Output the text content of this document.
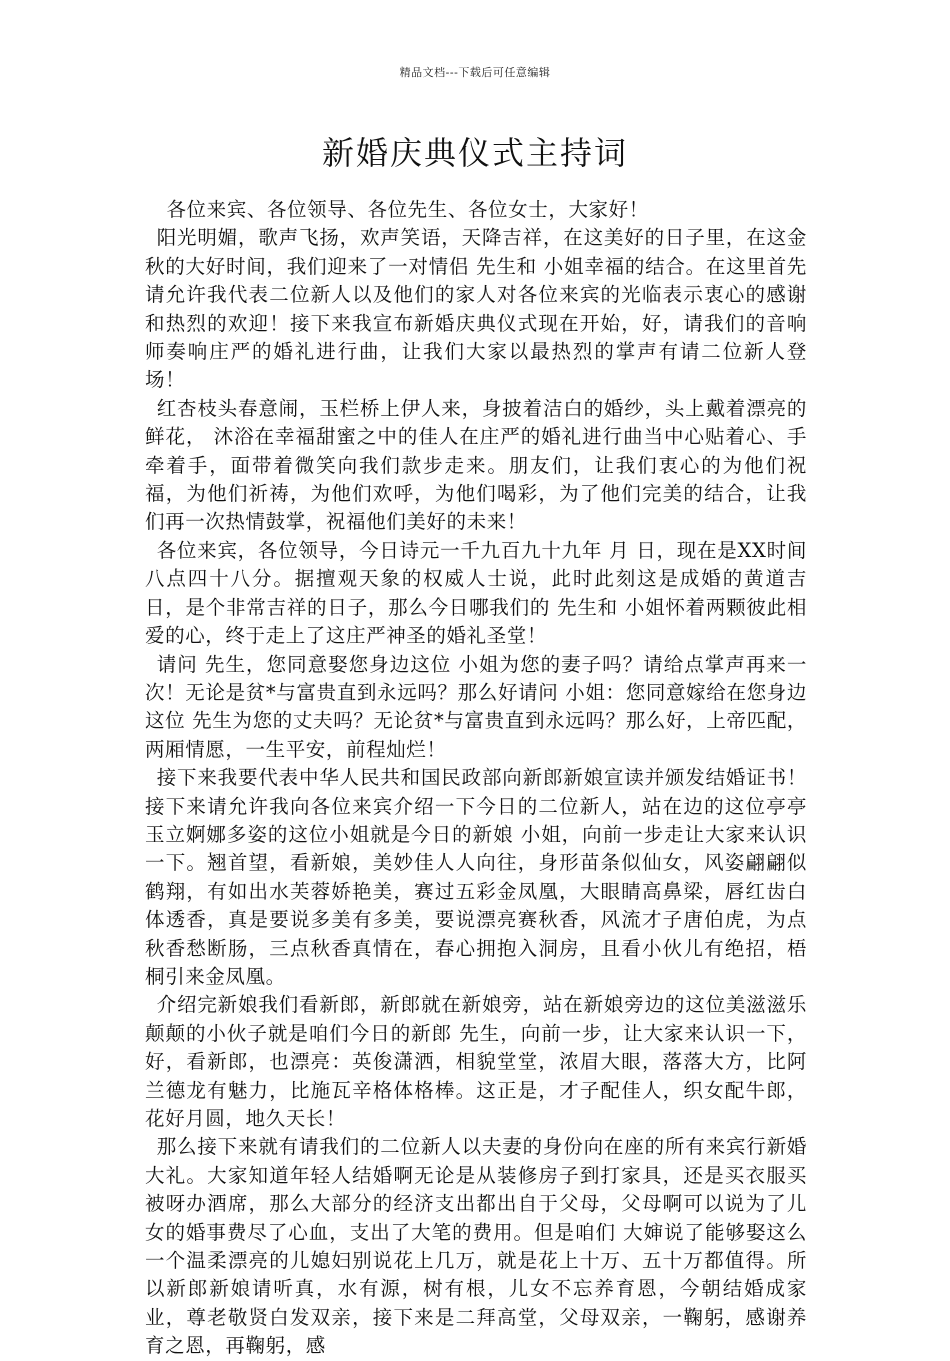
精品文档---下载后可任意编辑
新婚庆典仪式主持词

各位来宾、各位领导、各位先生、各位女士，大家好！

阳光明媚，歌声飞扬，欢声笑语，天降吉祥，在这美好的日子里，在这金秋的大好时间，我们迎来了一对情侣 先生和 小姐幸福的结合。在这里首先请允许我代表二位新人以及他们的家人对各位来宾的光临表示衷心的感谢和热烈的欢迎！接下来我宣布新婚庆典仪式现在开始，好，请我们的音响师奏响庄严的婚礼进行曲，让我们大家以最热烈的掌声有请二位新人登场！

红杏枝头春意闹，玉栏桥上伊人来，身披着洁白的婚纱，头上戴着漂亮的鲜花， 沐浴在幸福甜蜜之中的佳人在庄严的婚礼进行曲当中心贴着心、手牵着手，面带着微笑向我们款步走来。朋友们，让我们衷心的为他们祝福，为他们祈祷，为他们欢呼，为他们喝彩，为了他们完美的结合，让我们再一次热情鼓掌，祝福他们美好的未来！

各位来宾，各位领导，今日诗元一千九百九十九年 月 日，现在是XX时间八点四十八分。据擅观天象的权威人士说，此时此刻这是成婚的黄道吉日，是个非常吉祥的日子，那么今日哪我们的 先生和 小姐怀着两颗彼此相爱的心，终于走上了这庄严神圣的婚礼圣堂！

请问 先生，您同意娶您身边这位 小姐为您的妻子吗？请给点掌声再来一次！无论是贫*与富贵直到永远吗？那么好请问 小姐：您同意嫁给在您身边这位 先生为您的丈夫吗？无论贫*与富贵直到永远吗？那么好，上帝匹配，两厢情愿，一生平安，前程灿烂！

接下来我要代表中华人民共和国民政部向新郎新娘宣读并颁发结婚证书！接下来请允许我向各位来宾介绍一下今日的二位新人，站在边的这位亭亭玉立婀娜多姿的这位小姐就是今日的新娘 小姐，向前一步走让大家来认识一下。翘首望，看新娘，美妙佳人人向往，身形苗条似仙女，风姿翩翩似鹤翔，有如出水芙蓉娇艳美，赛过五彩金凤凰，大眼睛高鼻梁，唇红齿白体透香，真是要说多美有多美，要说漂亮赛秋香，风流才子唐伯虎，为点秋香愁断肠，三点秋香真情在，春心拥抱入洞房，且看小伙儿有绝招，梧桐引来金凤凰。

介绍完新娘我们看新郎，新郎就在新娘旁，站在新娘旁边的这位美滋滋乐颠颠的小伙子就是咱们今日的新郎 先生，向前一步，让大家来认识一下，好，看新郎，也漂亮：英俊潇洒，相貌堂堂，浓眉大眼，落落大方，比阿兰德龙有魅力，比施瓦辛格体格棒。这正是，才子配佳人，织女配牛郎，花好月圆，地久天长！

那么接下来就有请我们的二位新人以夫妻的身份向在座的所有来宾行新婚大礼。大家知道年轻人结婚啊无论是从装修房子到打家具，还是买衣服买被呀办酒席，那么大部分的经济支出都出自于父母，父母啊可以说为了儿女的婚事费尽了心血，支出了大笔的费用。但是咱们 大婶说了能够娶这么一个温柔漂亮的儿媳妇别说花上几万，就是花上十万、五十万都值得。所以新郎新娘请听真，水有源，树有根，儿女不忘养育恩，今朝结婚成家业，尊老敬贤白发双亲，接下来是二拜高堂，父母双亲，一鞠躬，感谢养育之恩，再鞠躬，感
